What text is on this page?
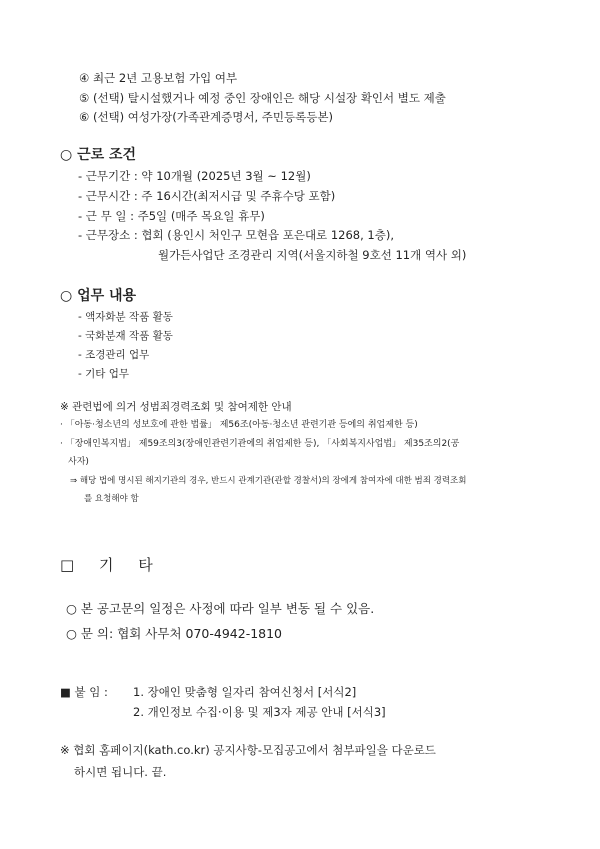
④ 최근 2년 고용보험 가입 여부
⑤ (선택) 탈시설했거나 예정 중인 장애인은 해당 시설장 확인서 별도 제출
⑥ (선택) 여성가장(가족관계증명서, 주민등록등본)
○ 근로 조건
- 근무기간 : 약 10개월 (2025년 3월 ~ 12월)
- 근무시간 : 주 16시간(최저시급 및 주휴수당 포함)
- 근 무 일 : 주5일 (매주 목요일 휴무)
- 근무장소 : 협회 (용인시 처인구 모현읍 포은대로 1268, 1층),
월가든사업단 조경관리 지역(서울지하철 9호선 11개 역사 외)
○ 업무 내용
- 액자화분 작품 활동
- 국화분재 작품 활동
- 조경관리 업무
- 기타 업무
※ 관련법에 의거 성범죄경력조회 및 참여제한 안내
· 「아동·청소년의 성보호에 관한 법률」 제56조(아동·청소년 관련기관 등에의 취업제한 등)
· 「장애인복지법」 제59조의3(장애인관련기관에의 취업제한 등), 「사회복지사업법」 제35조의2(공
사자)
⇒ 해당 법에 명시된 해지기관의 경우, 반드시 관계기관(관할 경찰서)의 장에게 참여자에 대한 범죄 경력조회
를 요청해야 함
□ 기 타
○ 본 공고문의 일정은 사정에 따라 일부 변동 될 수 있음.
○ 문 의: 협회 사무처 070-4942-1810
■ 붙 임 : 1. 장애인 맞춤형 일자리 참여신청서 [서식2]
2. 개인정보 수집·이용 및 제3자 제공 안내 [서식3]
※ 협회 홈페이지(kath.co.kr) 공지사항-모집공고에서 첨부파일을 다운로드
하시면 됩니다. 끝.
